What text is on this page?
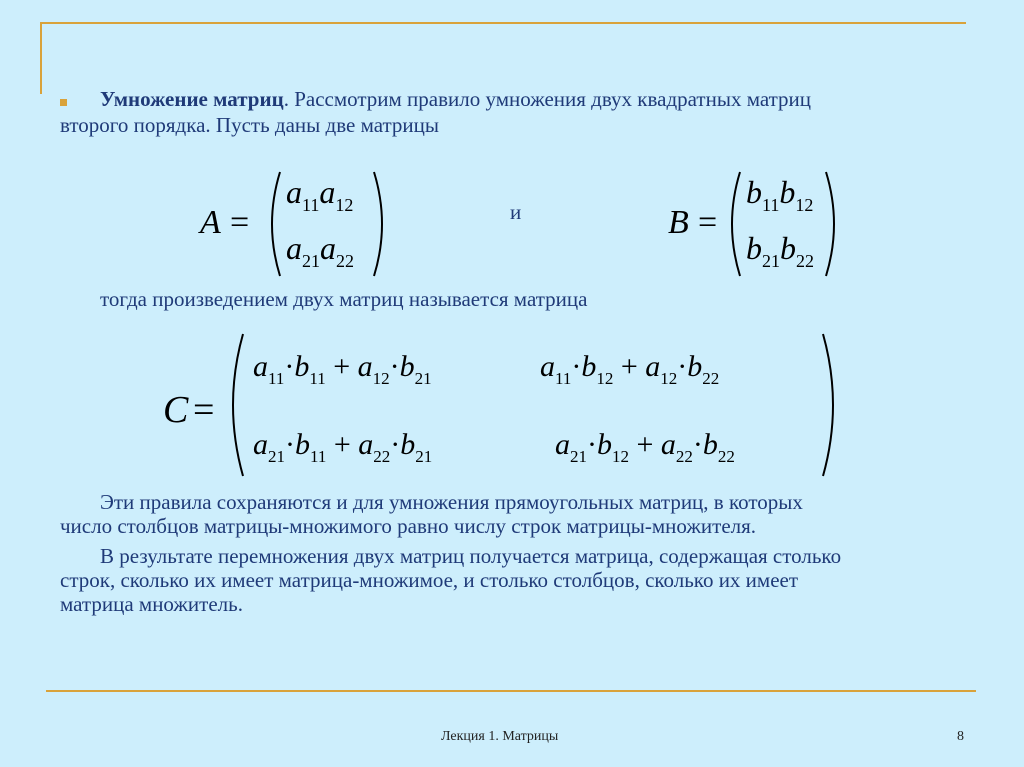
Умножение матриц. Рассмотрим правило умножения двух квадратных матриц
второго порядка. Пусть даны две матрицы
A =
$a_{11}a_{12}$
$a_{21}a_{22}$
и	B =
$b_{11}b_{12}$
$b_{21}b_{22}$
тогда произведением двух матриц называется матрица
C =
$a_{11}\cdot b_{11} + a_{12}\cdot b_{21}$	$a_{11}\cdot b_{12} + a_{12}\cdot b_{22}$
$a_{21}\cdot b_{11} + a_{22}\cdot b_{21}$	$a_{21}\cdot b_{12} + a_{22}\cdot b_{22}$
Эти правила сохраняются и для умножения прямоугольных матриц, в которых
число столбцов матрицы-множимого равно числу строк матрицы-множителя.
В результате перемножения двух матриц получается матрица, содержащая столько
строк, сколько их имеет матрица-множимое, и столько столбцов, сколько их имеет
матрица множитель.
Лекция 1. Матрицы	8
